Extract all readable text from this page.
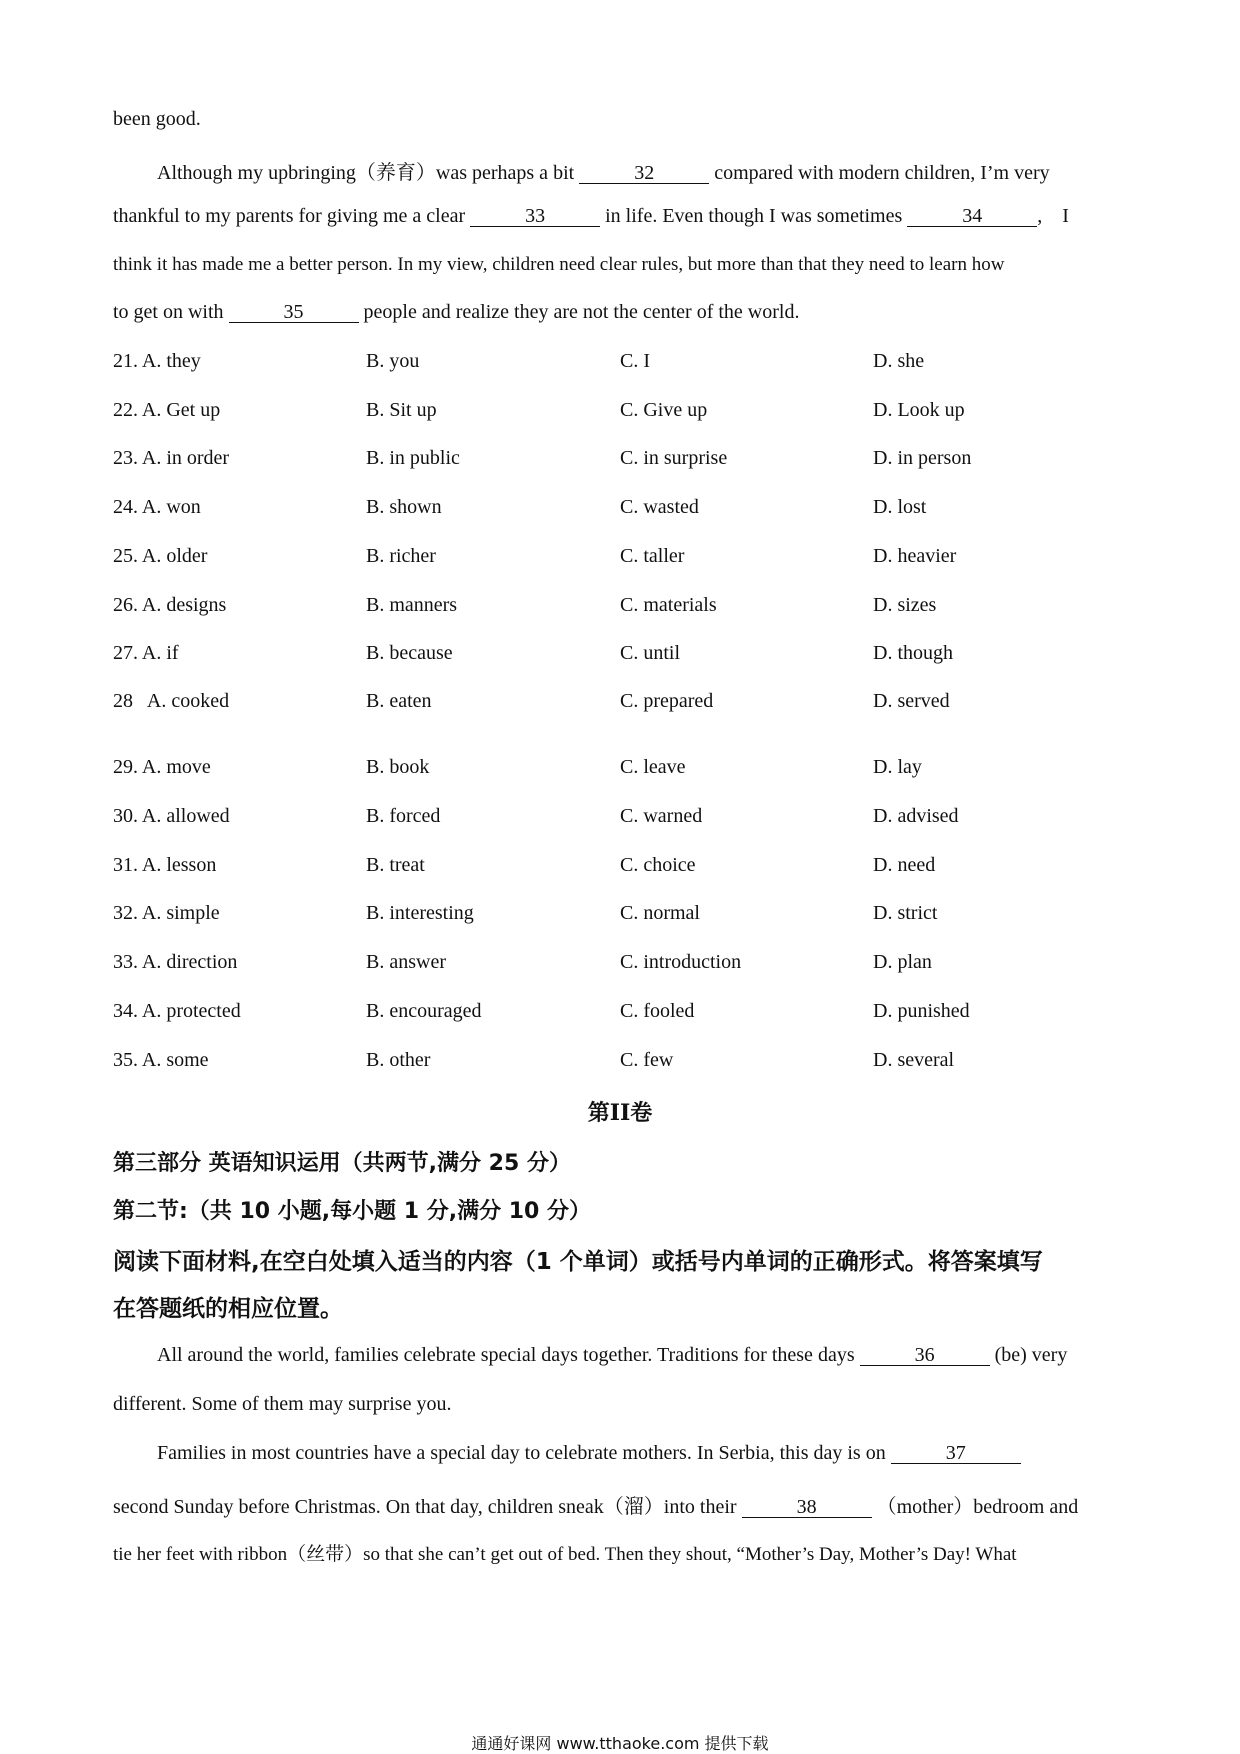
been good.
Although my upbringing（养育）was perhaps a bit	32	compared with modern children, I’m very
thankful to my parents for giving me a clear	33	in life. Even though I was sometimes	34	,    I
think it has made me a better person. In my view, children need clear rules, but more than that they need to learn how
to get on with	35	people and realize they are not the center of the world.
21. A. they	B. you	C. I	D. she
22. A. Get up	B. Sit up	C. Give up	D. Look up
23. A. in order	B. in public	C. in surprise	D. in person
24. A. won	B. shown	C. wasted	D. lost
25. A. older	B. richer	C. taller	D. heavier
26. A. designs	B. manners	C. materials	D. sizes
27. A. if	B. because	C. until	D. though
28   A. cooked	B. eaten	C. prepared	D. served
29. A. move	B. book	C. leave	D. lay
30. A. allowed	B. forced	C. warned	D. advised
31. A. lesson	B. treat	C. choice	D. need
32. A. simple	B. interesting	C. normal	D. strict
33. A. direction	B. answer	C. introduction	D. plan
34. A. protected	B. encouraged	C. fooled	D. punished
35. A. some	B. other	C. few	D. several
第II卷
第三部分 英语知识运用（共两节,满分 25 分）
第二节:（共 10 小题,每小题 1 分,满分 10 分）
阅读下面材料,在空白处填入适当的内容（1 个单词）或括号内单词的正确形式。将答案填写
在答题纸的相应位置。
All around the world, families celebrate special days together. Traditions for these days	36	(be) very
different. Some of them may surprise you.
Families in most countries have a special day to celebrate mothers. In Serbia, this day is on	37
second Sunday before Christmas. On that day, children sneak（溜）into their	38	（mother）bedroom and
tie her feet with ribbon（丝带）so that she can’t get out of bed. Then they shout, “Mother’s Day, Mother’s Day! What
通通好课网 www.tthaoke.com 提供下载
